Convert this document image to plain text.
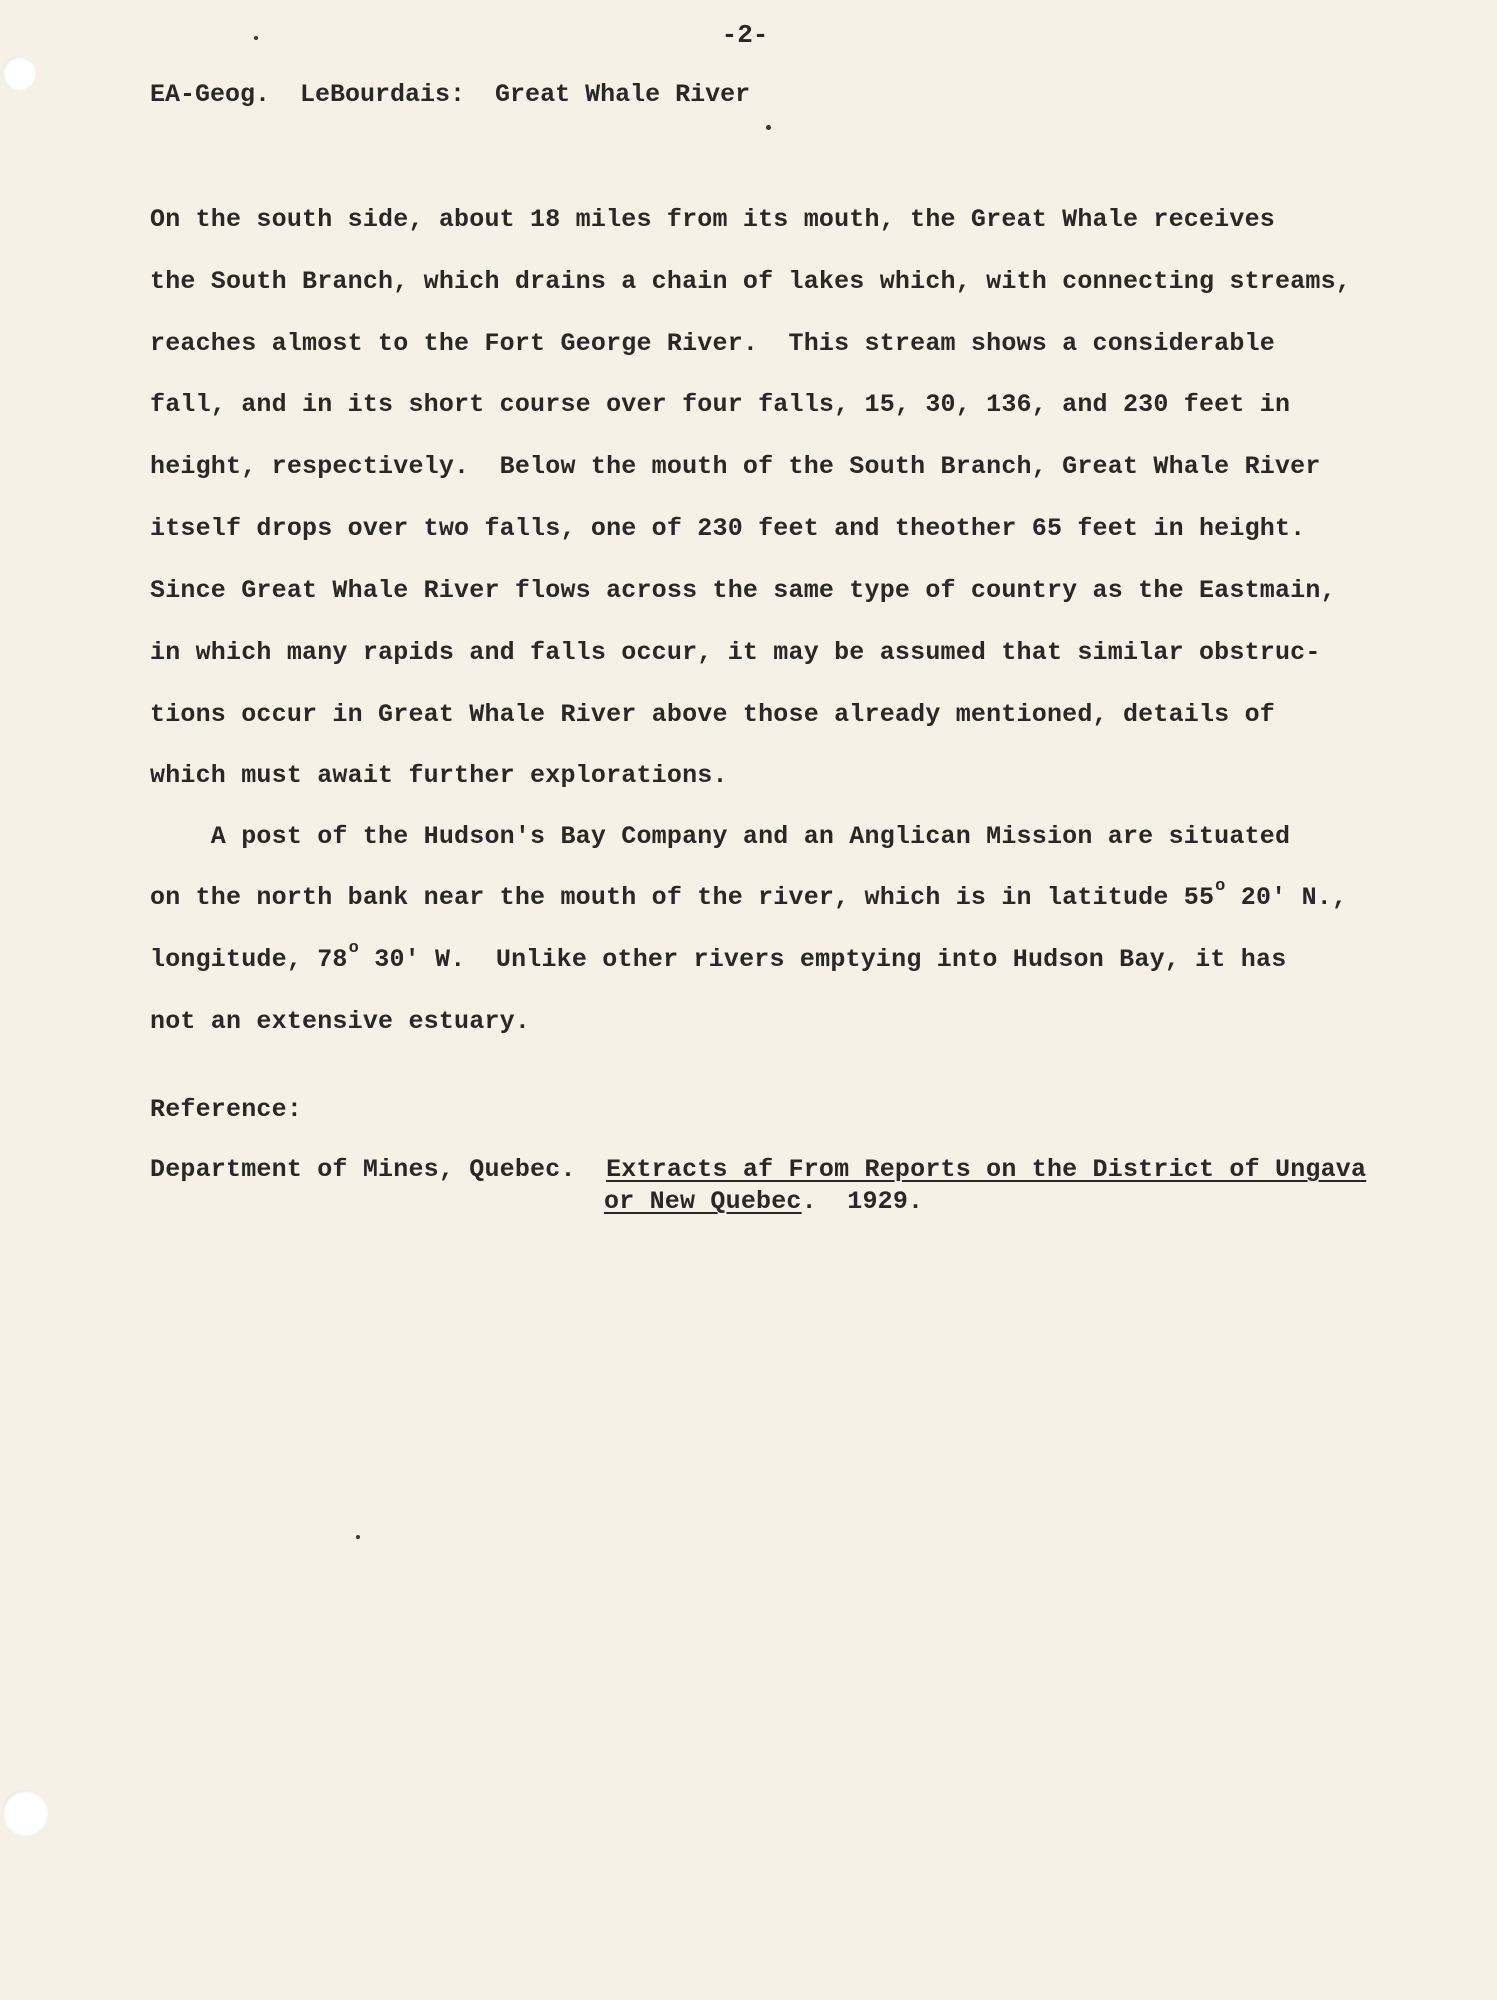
-2-
EA-Geog.  LeBourdais:  Great Whale River
On the south side, about 18 miles from its mouth, the Great Whale receives
the South Branch, which drains a chain of lakes which, with connecting streams,
reaches almost to the Fort George River.  This stream shows a considerable
fall, and in its short course over four falls, 15, 30, 136, and 230 feet in
height, respectively.  Below the mouth of the South Branch, Great Whale River
itself drops over two falls, one of 230 feet and theother 65 feet in height.
Since Great Whale River flows across the same type of country as the Eastmain,
in which many rapids and falls occur, it may be assumed that similar obstruc-
tions occur in Great Whale River above those already mentioned, details of
which must await further explorations.
A post of the Hudson's Bay Company and an Anglican Mission are situated
on the north bank near the mouth of the river, which is in latitude 55$^o$ 20' N.,
longitude, 78$^o$ 30' W.  Unlike other rivers emptying into Hudson Bay, it has
not an extensive estuary.
Reference:
Department of Mines, Quebec.  Extracts af From Reports on the District of Ungava
or New Quebec.  1929.
